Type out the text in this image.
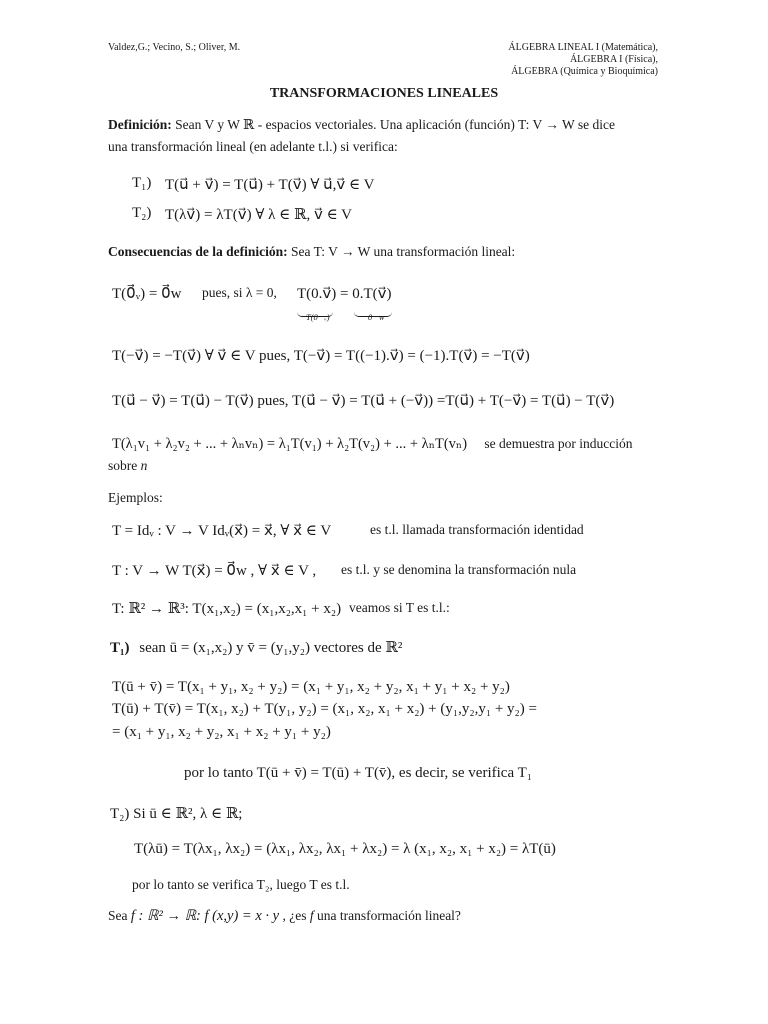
Valdez,G.; Vecino, S.; Oliver, M.	ÁLGEBRA LINEAL I (Matemática),
ÁLGEBRA I (Física),
ÁLGEBRA (Química y Bioquímica)
TRANSFORMACIONES LINEALES
Definición: Sean V y W ℝ - espacios vectoriales. Una aplicación (función) T: V → W se dice
una transformación lineal (en adelante t.l.) si verifica:
T₁) T(u⃗ + v⃗) = T(u⃗) + T(v⃗) ∀ u⃗,v⃗ ∈ V
T₂) T(λv⃗) = λT(v⃗) ∀ λ ∈ ℝ, v⃗ ∈ V
Consecuencias de la definición: Sea T: V → W una transformación lineal:
T(0⃗ᵥ) = 0⃗w pues, si λ = 0, T(0.v⃗) = 0.T(v⃗)
T(0⃗ᵥ)	0⃗w
T(−v⃗) = −T(v⃗) ∀ v⃗ ∈ V pues, T(−v⃗) = T((−1).v⃗) = (−1).T(v⃗) = −T(v⃗)
T(u⃗ − v⃗) = T(u⃗) − T(v⃗) pues, T(u⃗ − v⃗) = T(u⃗ + (−v⃗)) =T(u⃗) + T(−v⃗) = T(u⃗) − T(v⃗)
T(λ₁v₁ + λ₂v₂ + ... + λₙvₙ) = λ₁T(v₁) + λ₂T(v₂) + ... + λₙT(vₙ) se demuestra por inducción
sobre n
Ejemplos:
T = Idᵥ : V → V Idᵥ(x⃗) = x⃗, ∀ x⃗ ∈ V	es t.l. llamada transformación identidad
T : V → W T(x⃗) = 0⃗w , ∀ x⃗ ∈ V , es t.l. y se denomina la transformación nula
T: ℝ² → ℝ³: T(x₁,x₂) = (x₁,x₂,x₁ + x₂) veamos si T es t.l.:
T₁) sean ū = (x₁,x₂) y v̄ = (y₁,y₂) vectores de ℝ²
T(ū + v̄) = T(x₁ + y₁, x₂ + y₂) = (x₁ + y₁, x₂ + y₂, x₁ + y₁ + x₂ + y₂)
T(ū) + T(v̄) = T(x₁, x₂) + T(y₁, y₂) = (x₁, x₂, x₁ + x₂) + (y₁,y₂,y₁ + y₂) =
= (x₁ + y₁, x₂ + y₂, x₁ + x₂ + y₁ + y₂)
por lo tanto T(ū + v̄) = T(ū) + T(v̄), es decir, se verifica T₁
T₂) Si ū ∈ ℝ², λ ∈ ℝ;
T(λū) = T(λx₁, λx₂) = (λx₁, λx₂, λx₁ + λx₂) = λ (x₁, x₂, x₁ + x₂) = λT(ū)
por lo tanto se verifica T₂, luego T es t.l.
Sea f : ℝ² → ℝ: f (x,y) = x · y , ¿es f una transformación lineal?
